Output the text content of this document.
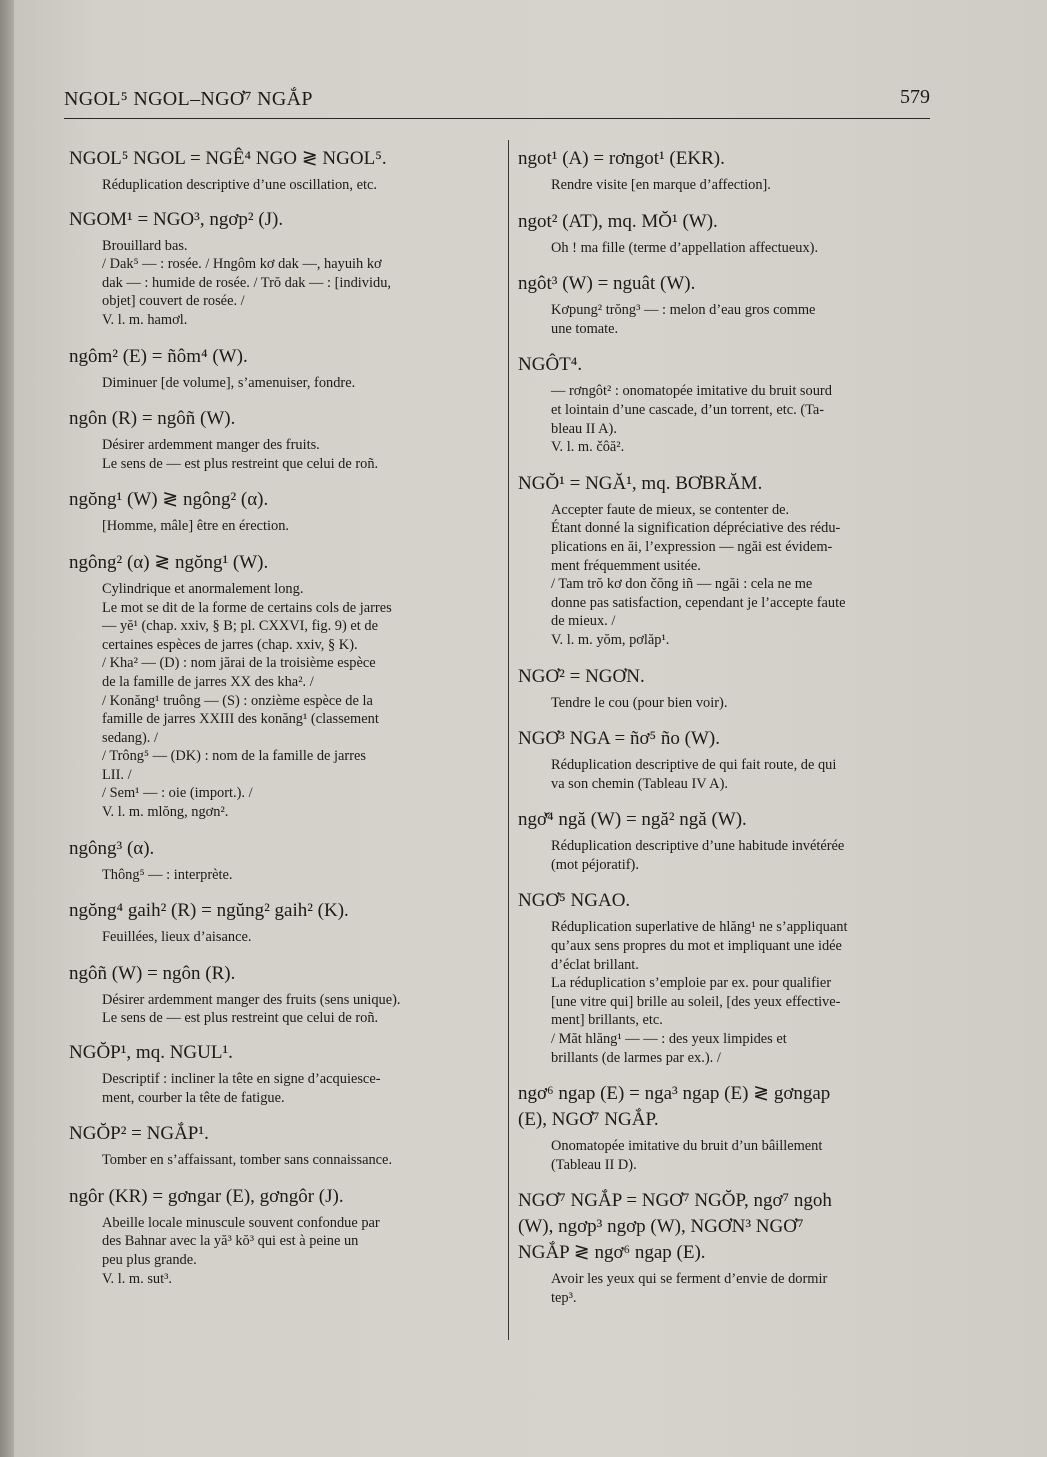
NGOL⁵ NGOL–NGƠ⁷ NGẮP	579
NGOL⁵ NGOL = NGÊ⁴ NGO ≷ NGOL⁵.

Réduplication descriptive d’une oscillation, etc.

NGOM¹ = NGO³, ngơp² (J).

Brouillard bas.

/ Dak⁵ — : rosée. / Hngôm kơ dak —, hayuih kơ

dak — : humide de rosée. / Trŏ dak — : [individu,

objet] couvert de rosée. /

V. l. m. hamơl.

ngôm² (E) = ñôm⁴ (W).

Diminuer [de volume], s’amenuiser, fondre.

ngôn (R) = ngôñ (W).

Désirer ardemment manger des fruits.

Le sens de — est plus restreint que celui de roñ.

ngŏng¹ (W) ≷ ngông² (α).

[Homme, mâle] être en érection.

ngông² (α) ≷ ngŏng¹ (W).

Cylindrique et anormalement long.

Le mot se dit de la forme de certains cols de jarres

— yĕ¹ (chap. xxiv, § B; pl. CXXVI, fig. 9) et de

certaines espèces de jarres (chap. xxiv, § K).

/ Kha² — (D) : nom jărai de la troisième espèce

de la famille de jarres XX des kha². /

/ Konăng¹ truông — (S) : onzième espèce de la

famille de jarres XXIII des konăng¹ (classement

sedang). /

/ Trông⁵ — (DK) : nom de la famille de jarres

LII. /

/ Sem¹ — : oie (import.). /

V. l. m. mlŏng, ngơn².

ngông³ (α).

Thông⁵ — : interprète.

ngŏng⁴ gaih² (R) = ngŭng² gaih² (K).

Feuillées, lieux d’aisance.

ngôñ (W) = ngôn (R).

Désirer ardemment manger des fruits (sens unique).

Le sens de — est plus restreint que celui de roñ.

NGŎP¹, mq. NGUL¹.

Descriptif : incliner la tête en signe d’acquiesce-

ment, courber la tête de fatigue.

NGŎP² = NGẮP¹.

Tomber en s’affaissant, tomber sans connaissance.

ngôr (KR) = gơngar (E), gơngôr (J).

Abeille locale minuscule souvent confondue par

des Bahnar avec la yă³ kŏ³ qui est à peine un

peu plus grande.

V. l. m. sut³.

ngot¹ (A) = rơngot¹ (EKR).

Rendre visite [en marque d’affection].

ngot² (AT), mq. MŎ¹ (W).

Oh ! ma fille (terme d’appellation affectueux).

ngôt³ (W) = nguât (W).

Kơpung² trŏng³ — : melon d’eau gros comme

une tomate.

NGÔT⁴.

— rơngôt² : onomatopée imitative du bruit sourd

et lointain d’une cascade, d’un torrent, etc. (Ta-

bleau II A).

V. l. m. čôă².

NGŎ¹ = NGĂ¹, mq. BƠBRĂM.

Accepter faute de mieux, se contenter de.

Étant donné la signification dépréciative des rédu-

plications en ăi, l’expression — ngăi est évidem-

ment fréquemment usitée.

/ Tam trŏ kơ don čŏng iñ — ngăi : cela ne me

donne pas satisfaction, cependant je l’accepte faute

de mieux. /

V. l. m. yŏm, pơlăp¹.

NGƠ² = NGƠN.

Tendre le cou (pour bien voir).

NGƠ³ NGA = ñơ⁵ ño (W).

Réduplication descriptive de qui fait route, de qui

va son chemin (Tableau IV A).

ngơ̆⁴ ngă (W) = ngă² ngă (W).

Réduplication descriptive d’une habitude invétérée

(mot péjoratif).

NGƠ⁵ NGAO.

Réduplication superlative de hlăng¹ ne s’appliquant

qu’aux sens propres du mot et impliquant une idée

d’éclat brillant.

La réduplication s’emploie par ex. pour qualifier

[une vitre qui] brille au soleil, [des yeux effective-

ment] brillants, etc.

/ Măt hlăng¹ — — : des yeux limpides et

brillants (de larmes par ex.). /

ngơ⁶ ngap (E) = nga³ ngap (E) ≷ gơngap
(E), NGƠ⁷ NGẮP.

Onomatopée imitative du bruit d’un bâillement

(Tableau II D).

NGƠ⁷ NGẮP = NGƠ⁷ NGŎP, ngơ⁷ ngoh
(W), ngơp³ ngơp (W), NGƠN³ NGƠ⁷
NGẮP ≷ ngơ⁶ ngap (E).

Avoir les yeux qui se ferment d’envie de dormir

tep³.
